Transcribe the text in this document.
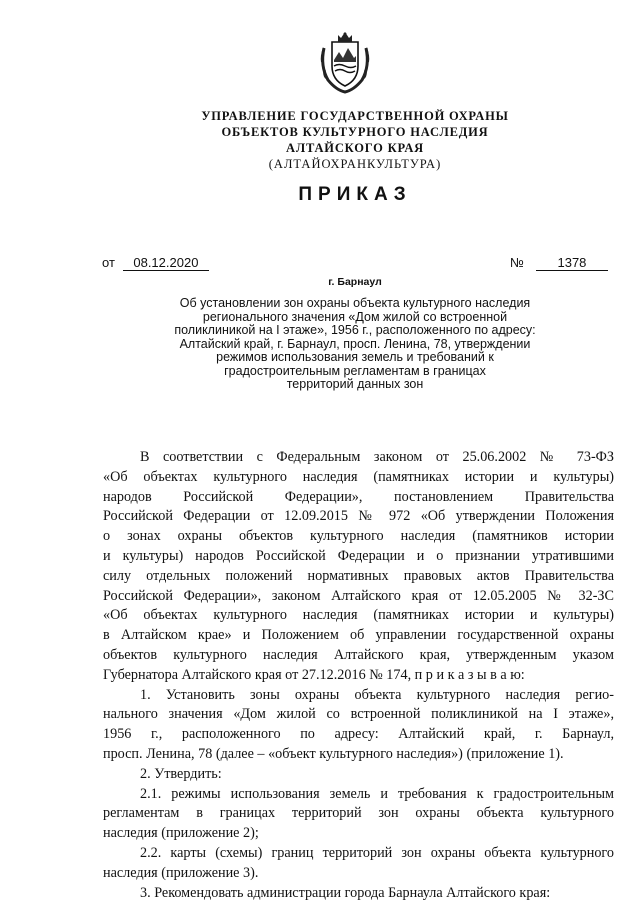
УПРАВЛЕНИЕ ГОСУДАРСТВЕННОЙ ОХРАНЫ
ОБЪЕКТОВ КУЛЬТУРНОГО НАСЛЕДИЯ
АЛТАЙСКОГО КРАЯ
(АЛТАЙОХРАНКУЛЬТУРА)
ПРИКАЗ
от 08.12.2020	№	1378
г. Барнаул
Об установлении зон охраны объекта культурного наследия
регионального значения «Дом жилой со встроенной
поликлиникой на I этаже», 1956 г., расположенного по адресу:
Алтайский край, г. Барнаул, просп. Ленина, 78, утверждении
режимов использования земель и требований к
градостроительным регламентам в границах
территорий данных зон
В соответствии с Федеральным законом от 25.06.2002 № 73-ФЗ
«Об объектах культурного наследия (памятниках истории и культуры)
народов Российской Федерации», постановлением Правительства
Российской Федерации от 12.09.2015 № 972 «Об утверждении Положения
о зонах охраны объектов культурного наследия (памятников истории
и культуры) народов Российской Федерации и о признании утратившими
силу отдельных положений нормативных правовых актов Правительства
Российской Федерации», законом Алтайского края от 12.05.2005 № 32-ЗС
«Об объектах культурного наследия (памятниках истории и культуры)
в Алтайском крае» и Положением об управлении государственной охраны
объектов культурного наследия Алтайского края, утвержденным указом
Губернатора Алтайского края от 27.12.2016 № 174, п р и к а з ы в а ю:
1. Установить зоны охраны объекта культурного наследия регио-
нального значения «Дом жилой со встроенной поликлиникой на I этаже»,
1956 г., расположенного по адресу: Алтайский край, г. Барнаул,
просп. Ленина, 78 (далее – «объект культурного наследия») (приложение 1).
2. Утвердить:
2.1. режимы использования земель и требования к градостроительным
регламентам в границах территорий зон охраны объекта культурного
наследия (приложение 2);
2.2. карты (схемы) границ территорий зон охраны объекта культурного
наследия (приложение 3).
3. Рекомендовать администрации города Барнаула Алтайского края:
